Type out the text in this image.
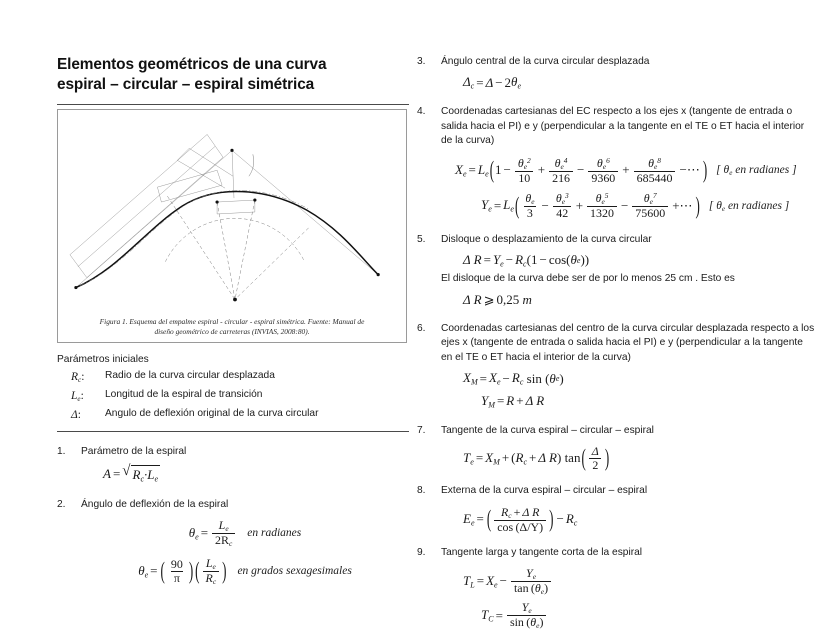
Elementos geométricos de una curva
espiral – circular – espiral simétrica
Figura 1. Esquema del empalme espiral - circular - espiral simétrica. Fuente: Manual de
diseño geométrico de carreteras (INVIAS, 2008:80).

Parámetros iniciales

$R_c$:	Radio de la curva circular desplazada
$L_e$:	Longitud de la espiral de transición
Δ:	Angulo de deflexión original de la curva circular
1.	Parámetro de la espiral

A = √ $R_c\cdot L_e$
2.	Ángulo de deflexión de la espiral

$\theta_e = \frac{L_e}{2R_c}$	en radianes
$\theta_e$ = ( $\frac{90}{\pi}$ ) ( $\frac{L_e}{R_c}$ ) en grados sexagesimales
3.	Ángulo central de la curva circular desplazada

$\Delta_c = \Delta - 2$ $\theta_e$
4.	Coordenadas cartesianas del EC respecto a los ejes x (tangente de entrada o salida hacia el PI) e y (perpendicular a la tangente en el TE o ET hacia el interior de la curva)

$X_e = L_e$ ( $1 - \frac{\theta_e^2}{10} + \frac{\theta_e^4}{216} - \frac{\theta_e^6}{9360} + \frac{\theta_e^8}{685440}$ −⋯ ) [ $\theta_e$ en radianes ]
$Y_e = L_e$ ( $\frac{\theta_e}{3} - \frac{\theta_e^3}{42} + \frac{\theta_e^5}{1320} - \frac{\theta_e^7}{75600}$ +⋯ ) [ $\theta_e$ en radianes ]
5.	Disloque o desplazamiento de la curva circular

Δ $R = Y_e - R_c$ ( 1 − cos ( θ e ))

El disloque de la curva debe ser de por lo menos 25 cm . Esto es

Δ R ⩾ 0,25
m
6.	Coordenadas cartesianas del centro de la curva circular desplazada respecto a los ejes x (tangente de entrada o salida hacia el PI) e y (perpendicular a la tangente en el TE o ET hacia el interior de la curva)

$X_M = X_e - R_c$
sin ( θ e )
$Y_M = R + \Delta$ R
7.	Tangente de la curva espiral – circular – espiral

$T_e = X_M$ + ( $R_c + \Delta$ R )
tan ( $\frac{\Delta}{2}$ )
8.	Externa de la curva espiral – circular – espiral

$E_e$ = ( $\frac{R_c + \Delta R}{\cos (\Delta/\Upsilon)}$ ) − $R_c$
9.	Tangente larga y tangente corta de la espiral

$T_L = X_e - \frac{Y_e}{\tan (\theta_e)}$
$T_C = \frac{Y_e}{\sin (\theta_e)}$
